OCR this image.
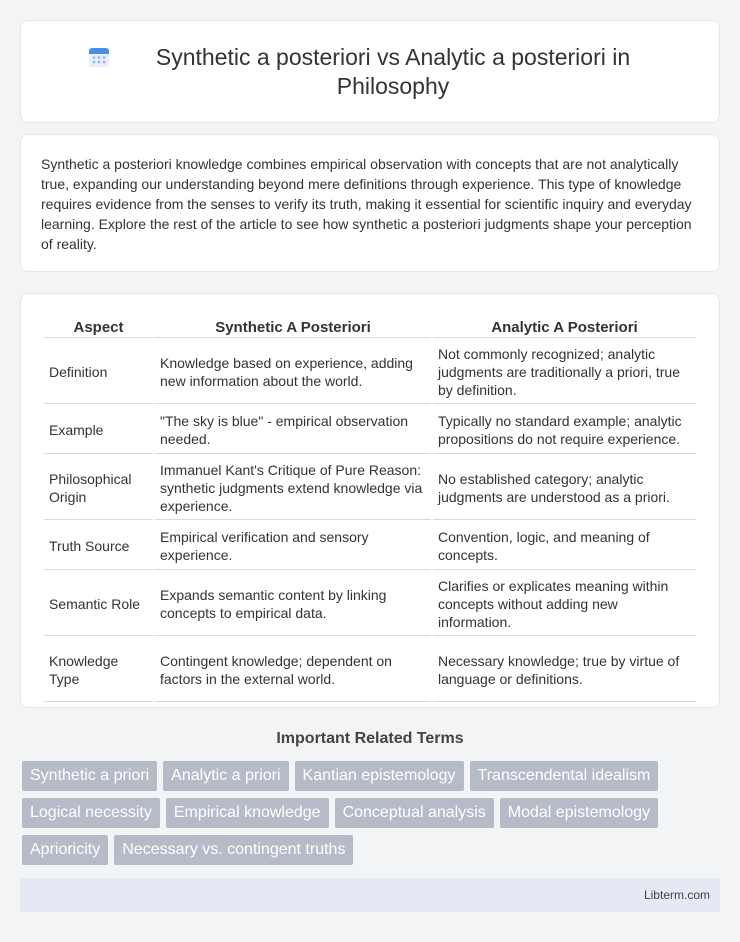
Synthetic a posteriori vs Analytic a posteriori in Philosophy

Synthetic a posteriori knowledge combines empirical observation with concepts that are not analytically true, expanding our understanding beyond mere definitions through experience. This type of knowledge requires evidence from the senses to verify its truth, making it essential for scientific inquiry and everyday learning. Explore the rest of the article to see how synthetic a posteriori judgments shape your perception of reality.

Aspect	Synthetic A Posteriori	Analytic A Posteriori
Definition	Knowledge based on experience, adding new information about the world.	Not commonly recognized; analytic judgments are traditionally a priori, true by definition.
Example	"The sky is blue" - empirical observation needed.	Typically no standard example; analytic propositions do not require experience.
Philosophical Origin	Immanuel Kant's Critique of Pure Reason: synthetic judgments extend knowledge via experience.	No established category; analytic judgments are understood as a priori.
Truth Source	Empirical verification and sensory experience.	Convention, logic, and meaning of concepts.
Semantic Role	Expands semantic content by linking concepts to empirical data.	Clarifies or explicates meaning within concepts without adding new information.
Knowledge Type	Contingent knowledge; dependent on factors in the external world.	Necessary knowledge; true by virtue of language or definitions.
Important Related Terms
Synthetic a priori	Analytic a priori	Kantian epistemology	Transcendental idealism
Logical necessity	Empirical knowledge	Conceptual analysis	Modal epistemology
Aprioricity	Necessary vs. contingent truths
Libterm.com
